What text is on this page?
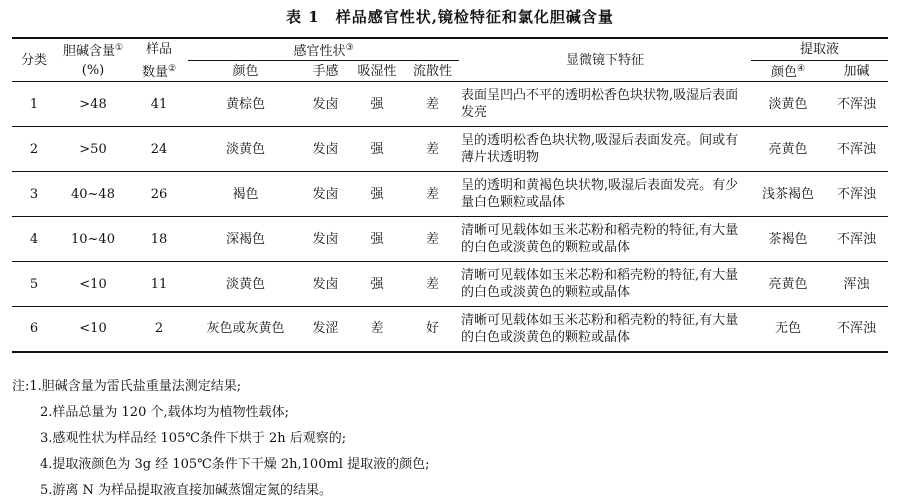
表 1　样品感官性状,镜检特征和氯化胆碱含量
分类	胆碱含量①	样品	感官性状③				显微镜下特征	提取液	
	(%)	数量②	颜色	手感	吸湿性	流散性		颜色④	加碱
1	>48	41	黄棕色	发卤	强	差	表面呈凹凸不平的透明松香色块状物,吸湿后表面发亮	淡黄色	不浑浊
2	>50	24	淡黄色	发卤	强	差	呈的透明松香色块状物,吸湿后表面发亮。间或有薄片状透明物	亮黄色	不浑浊
3	40~48	26	褐色	发卤	强	差	呈的透明和黄褐色块状物,吸湿后表面发亮。有少量白色颗粒或晶体	浅茶褐色	不浑浊
4	10~40	18	深褐色	发卤	强	差	清晰可见载体如玉米芯粉和稻壳粉的特征,有大量的白色或淡黄色的颗粒或晶体	茶褐色	不浑浊
5	<10	11	淡黄色	发卤	强	差	清晰可见载体如玉米芯粉和稻壳粉的特征,有大量的白色或淡黄色的颗粒或晶体	亮黄色	浑浊
6	<10	2	灰色或灰黄色	发涩	差	好	清晰可见载体如玉米芯粉和稻壳粉的特征,有大量的白色或淡黄色的颗粒或晶体	无色	不浑浊
注:1.胆碱含量为雷氏盐重量法测定结果;
2.样品总量为 120 个,载体均为植物性载体;
3.感观性状为样品经 105℃条件下烘于 2h 后观察的;
4.提取液颜色为 3g 经 105℃条件下干燥 2h,100ml 提取液的颜色;
5.游离 N 为样品提取液直接加碱蒸馏定氮的结果。
